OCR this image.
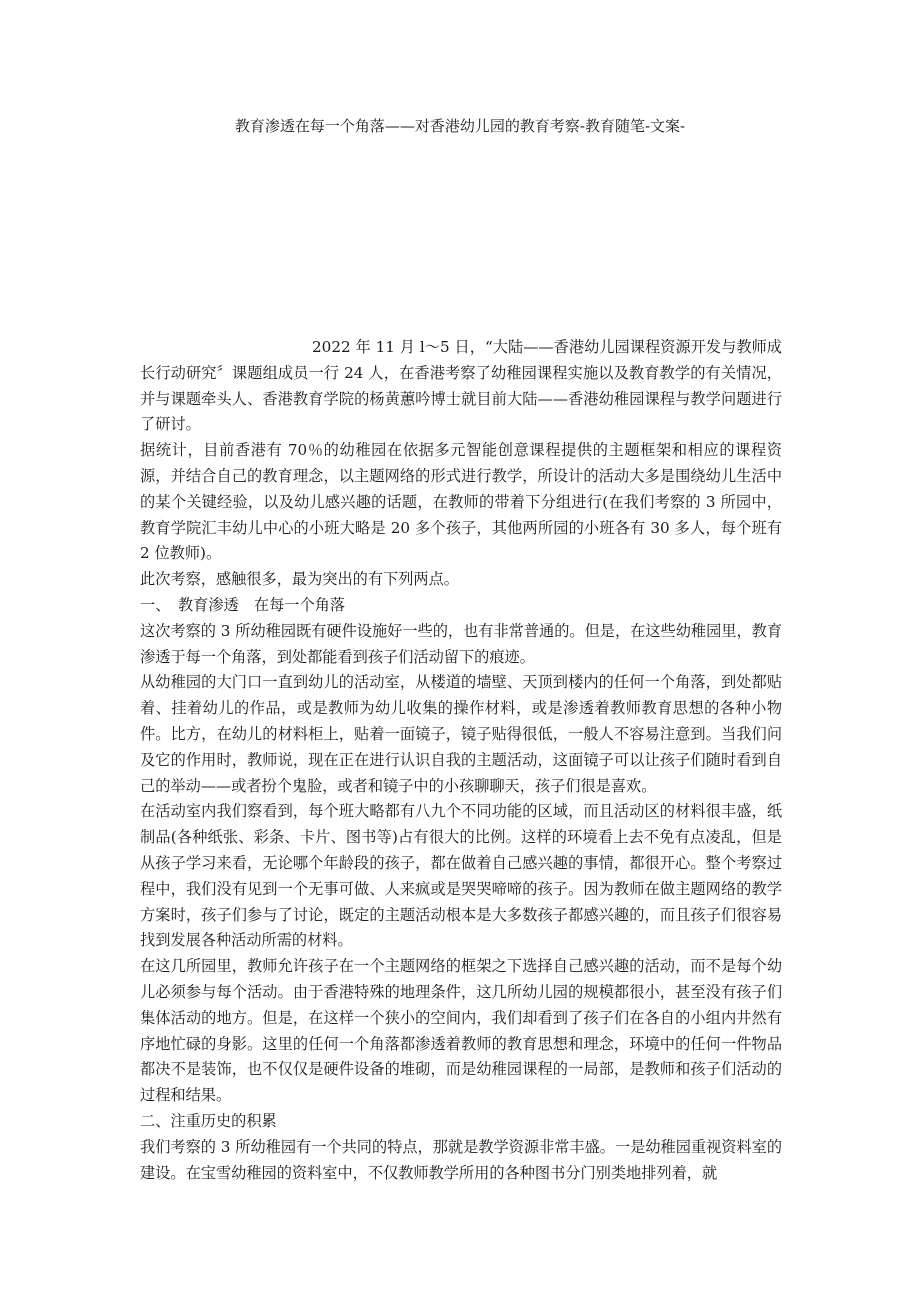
教育渗透在每一个角落——对香港幼儿园的教育考察-教育随笔-文案-

2022 年 11 月 l～5 日，“大陆——香港幼儿园课程资源开发与教师成长行动研究〞课题组成员一行 24 人，在香港考察了幼稚园课程实施以及教育教学的有关情况，并与课题牵头人、香港教育学院的杨黄蕙吟博士就目前大陆——香港幼稚园课程与教学问题进行了研讨。

据统计，目前香港有 70％的幼稚园在依据多元智能创意课程提供的主题框架和相应的课程资源，并结合自己的教育理念，以主题网络的形式进行教学，所设计的活动大多是围绕幼儿生活中的某个关键经验，以及幼儿感兴趣的话题，在教师的带着下分组进行(在我们考察的 3 所园中，教育学院汇丰幼儿中心的小班大略是 20 多个孩子，其他两所园的小班各有 30 多人，每个班有 2 位教师)。

此次考察，感触很多，最为突出的有下列两点。

一、　教育渗透　在每一个角落

这次考察的 3 所幼稚园既有硬件设施好一些的，也有非常普通的。但是，在这些幼稚园里，教育渗透于每一个角落，到处都能看到孩子们活动留下的痕迹。

从幼稚园的大门口一直到幼儿的活动室，从楼道的墙壁、天顶到楼内的任何一个角落，到处都贴着、挂着幼儿的作品，或是教师为幼儿收集的操作材料，或是渗透着教师教育思想的各种小物件。比方，在幼儿的材料柜上，贴着一面镜子，镜子贴得很低，一般人不容易注意到。当我们问及它的作用时，教师说，现在正在进行认识自我的主题活动，这面镜子可以让孩子们随时看到自己的举动——或者扮个鬼脸，或者和镜子中的小孩聊聊天，孩子们很是喜欢。

在活动室内我们察看到，每个班大略都有八九个不同功能的区域，而且活动区的材料很丰盛，纸制品(各种纸张、彩条、卡片、图书等)占有很大的比例。这样的环境看上去不免有点凌乱，但是从孩子学习来看，无论哪个年龄段的孩子，都在做着自己感兴趣的事情，都很开心。整个考察过程中，我们没有见到一个无事可做、人来疯或是哭哭啼啼的孩子。因为教师在做主题网络的教学方案时，孩子们参与了讨论，既定的主题活动根本是大多数孩子都感兴趣的，而且孩子们很容易找到发展各种活动所需的材料。

在这几所园里，教师允许孩子在一个主题网络的框架之下选择自己感兴趣的活动，而不是每个幼儿必须参与每个活动。由于香港特殊的地理条件，这几所幼儿园的规模都很小，甚至没有孩子们集体活动的地方。但是，在这样一个狭小的空间内，我们却看到了孩子们在各自的小组内井然有序地忙碌的身影。这里的任何一个角落都渗透着教师的教育思想和理念，环境中的任何一件物品都决不是装饰，也不仅仅是硬件设备的堆砌，而是幼稚园课程的一局部，是教师和孩子们活动的过程和结果。

二、注重历史的积累

我们考察的 3 所幼稚园有一个共同的特点，那就是教学资源非常丰盛。一是幼稚园重视资料室的建设。在宝雪幼稚园的资料室中，不仅教师教学所用的各种图书分门别类地排列着，就
